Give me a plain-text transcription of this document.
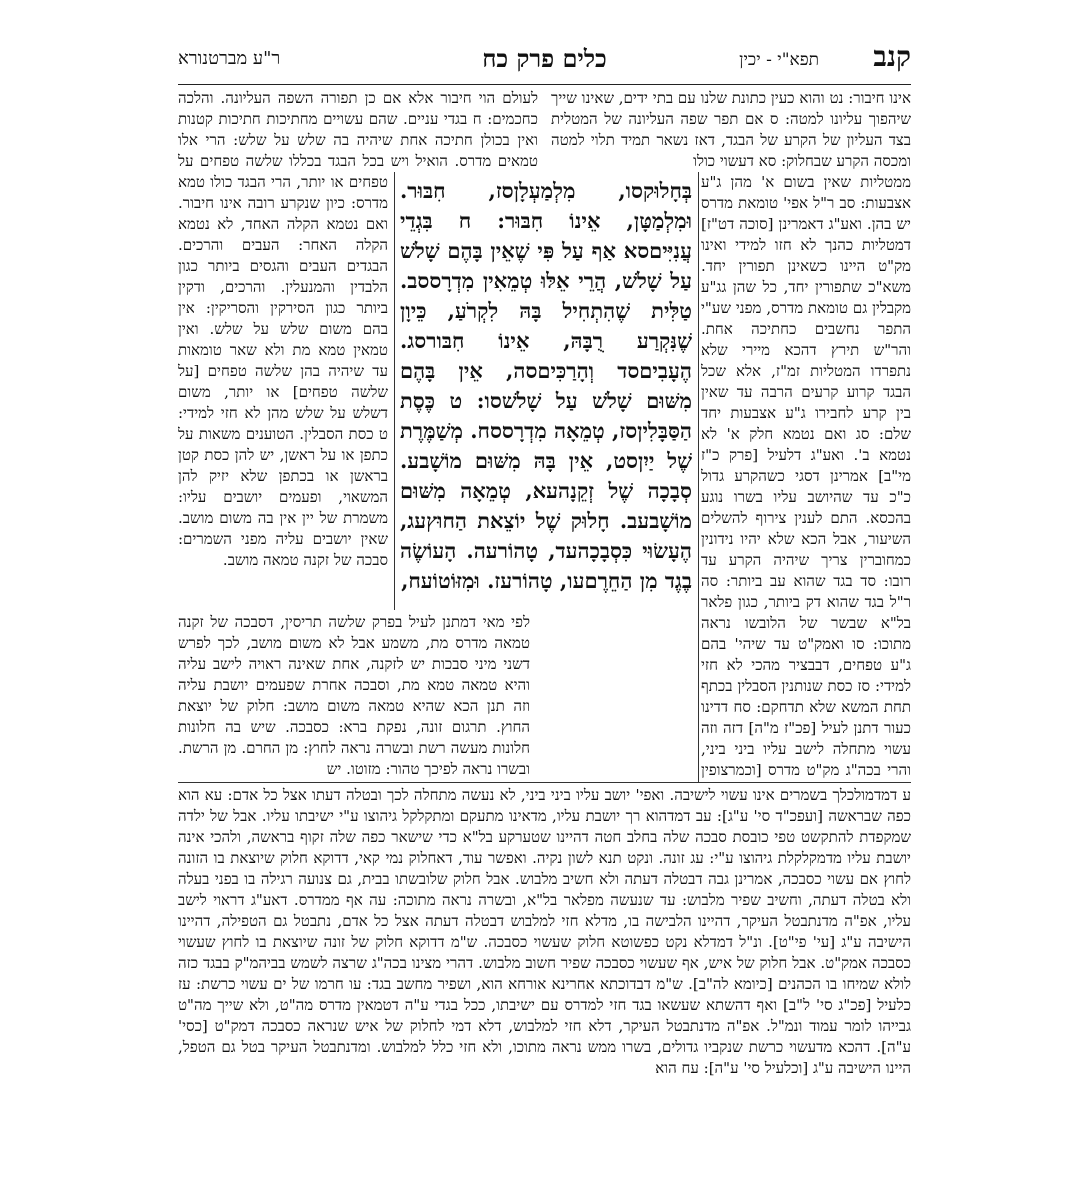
קנב
תפא"י - יכין
כלים פרק כח
ר"ע מברטנורא

אינו חיבור: נט והוא כעין כתונת שלנו עם בתי ידים, שאינו שייך שיהפוך עליונו למטה: ס אם תפר שפה העליונה של המטלית בצד העליון של הקרע של הבגד, דאז נשאר תמיד תלוי למטה ומכסה הקרע שבחלוק: סא דעשוי כולו

ממטליות שאין בשום א' מהן ג"ע אצבעות: סב ר"ל אפי' טומאת מדרס יש בהן. ואע"ג דאמרינן [סוכה דט"ז] דמטליות כהנך לא חזו למידי ואינו מק"ט היינו כשאינן תפורין יחד. משא"כ שתפורין יחד, כל שהן גג"ע מקבלין גם טומאת מדרס, מפני שע"י התפר נחשבים כחתיכה אחת. והר"ש תירץ דהכא מיירי שלא נתפרדו המטליות זמ"ז, אלא שכל הבגד קרוע קרעים הרבה עד שאין בין קרע לחבירו ג"ע אצבעות יחד שלם: סג ואם נטמא חלק א' לא נטמא ב'. ואע"ג דלעיל [פרק כ"ז מי"ב] אמרינן דסגי כשהקרע גדול כ"כ עד שהיושב עליו בשרו נוגע בהכסא. התם לענין צירוף להשלים השיעור, אבל הכא שלא יהיו נידונין כמחוברין צריך שיהיה הקרע עד רובו: סד בגד שהוא עב ביותר: סה ר"ל בגד שהוא דק ביותר, כגון פלאר בל"א שבשר של הלובשו נראה מתוכו: סו ואמק"ט עד שיהי' בהם ג"ע טפחים, דבבציר מהכי לא חזי למידי: סז כסת שנותנין הסבלין בכתף תחת המשא שלא תדחקם: סח דדינו כעור דתנן לעיל [פכ"ז מ"ה] דזה וזה עשוי מתחלה לישב עליו ביני ביני, והרי בכה"ג מק"ט מדרס [וכמרצופין

לעולם הוי חיבור אלא אם כן תפורה השפה העליונה. והלכה כחכמים: ח בגדי עניים. שהם עשויים מחתיכות חתיכות קטנות ואין בכולן חתיכה אחת שיהיה בה שלש על שלש: הרי אלו טמאים מדרס. הואיל ויש בכל הבגד בכללו שלשה טפחים על

טפחים או יותר, הרי הבגד כולו טמא מדרס: כיון שנקרע רובה אינו חיבור. ואם נטמא הקלה האחד, לא נטמא הקלה האחר: העבים והרכים. הבגדים העבים והגסים ביותר כגון הלבדין והמנעלין. והרכים, ודקין ביותר כגון הסירקין והסריקין: אין בהם משום שלש על שלש. ואין טמאין טמא מת ולא שאר טומאות עד שיהיה בהן שלשה טפחים [על שלשה טפחים] או יותר, משום דשלש על שלש מהן לא חזי למידי: ט כסת הסבלין. הטוענים משאות על כתפן או על ראשן, יש להן כסת קטן בראשן או בכתפן שלא יזיק להן המשאוי, ופעמים יושבים עליו: משמרת של יין אין בה משום מושב. שאין יושבים עליה מפני השמרים: סבכה של זקנה טמאה מושב.

לפי מאי דמתנן לעיל בפרק שלשה תריסין, דסבכה של זקנה טמאה מדרס מת, משמע אבל לא משום מושב, לכך לפרש דשני מיני סבכות יש לזקנה, אחת שאינה ראויה לישב עליה והיא טמאה טמא מת, וסבכה אחרת שפעמים יושבת עליה וזה תנן הכא שהיא טמאה משום מושב: חלוק של יוצאת החוץ. תרגום זונה, נפקת ברא: כסבכה. שיש בה חלונות חלונות מעשה רשת ובשרה נראה לחוץ: מן החרם. מן הרשת. ובשרו נראה לפיכך טהור: מזוטו. יש

בְּחָלוּקסו, מִלְמַעְלָןסז, חִבּוּר. וּמִלְמַטָּן, אֵינוֹ חִבּוּר: ח בִּגְדֵי עֲנִיִּיםסא אַף עַל פִּי שֶׁאֵין בָּהֶם שָׁלֹשׁ עַל שָׁלֹשׁ, הֲרֵי אֵלּוּ טְמֵאִין מִדְרָססב. טַלִּית שֶׁהִתְחִיל בָּהּ לִקְרֹעַ, כֵּיוָן שֶׁנִּקְרַע רֻבָּהּ, אֵינוֹ חִבּורסג. הֶעָבִיםסד וְהָרַכִּיםסה, אֵין בָּהֶם מִשּׁוּם שָׁלֹשׁ עַל שָׁלֹשׁסו: ט כֶּסֶת הַסַּבָּלִיןסז, טְמֵאָה מִדְרָססח. מְשַׁמֶּרֶת שֶׁל יַיִןסט, אֵין בָּהּ מִשּׁוּם מוֹשָׁבע. סְבָכָה שֶׁל זְקֵנָהעא, טְמֵאָה מִשּׁוּם מוֹשָׁבעב. חָלוּק שֶׁל יוֹצֵאת הַחוּץעג, הֶעָשׂוּי כִּסְבָכָהעד, טָהוֹרעה. הָעוֹשֶׂה בֶגֶד מִן הַחֵרֶםעו, טָהוֹרעז. וּמִזּוֹטוֹעח,

ע דמדמולכלך בשמרים אינו עשוי לישיבה. ואפי' יושב עליו ביני ביני, לא נעשה מתחלה לכך ובטלה דעתו אצל כל אדם: עא הוא כפה שבראשה [ועפכ"ד סי' ע"ג]: עב דמדהוא רך יושבת עליו, מדאינו מתעקם ומתקלקל גיהוצו ע"י ישיבתו עליו. אבל של ילדה שמקפדת להתקשט טפי כובסת סבכה שלה בחלב חטה דהיינו שטערקע בל"א כדי שישאר כפה שלה זקוף בראשה, ולהכי אינה יושבת עליו מדמקלקלת גיהוצו ע"י: עג זונה. ונקט תנא לשון נקיה. ואפשר עוד, דאחלוק נמי קאי, דדוקא חלוק שיוצאת בו הזונה לחוץ אם עשוי כסבכה, אמרינן גבה דבטלה דעתה ולא חשיב מלבוש. אבל חלוק שלובשתו בבית, גם צנועה רגילה בו בפני בעלה ולא בטלה דעתה, וחשיב שפיר מלבוש: עד שנעשה מפלאר בל"א, ובשרה נראה מתוכה: עה אף ממדרס. דאע"ג דראוי לישב עליו, אפ"ה מדנתבטל העיקר, דהיינו הלבישה בו, מדלא חזי למלבוש דבטלה דעתה אצל כל אדם, נתבטל גם הטפילה, דהיינו הישיבה ע"ג [עי' פי"ט]. ונ"ל דמדלא נקט כפשוטא חלוק שעשוי כסבכה. ש"מ דדוקא חלוק של זונה שיוצאת בו לחוץ שעשוי כסבכה אמק"ט. אבל חלוק של איש, אף שעשוי כסבכה שפיר חשוב מלבוש. דהרי מצינו בכה"ג שרצה לשמש בביהמ"ק בבגד כזה לולא שמיחו בו הכהנים [כיומא לה"ב]. ש"מ דבדוכתא אחרינא אורחא הוא, ושפיר מחשב בגד: עו חרמו של ים עשוי כרשת: עז כלעיל [פכ"ג סי' ל"ב] ואף דהשתא שעשאו בגד חזי למדרס עם ישיבתו, ככל בגדי ע"ה דטמאין מדרס מה"ט, ולא שייך מה"ט גבייהו לומר עמוד ונמ"ל. אפ"ה מדנתבטל העיקר, דלא חזי למלבוש, דלא דמי לחלוק של איש שנראה כסבכה דמק"ט [כסי' ע"ה]. דהכא מדעשוי כרשת שנקביו גדולים, בשרו ממש נראה מתוכו, ולא חזי כלל למלבוש. ומדנתבטל העיקר בטל גם הטפל, היינו הישיבה ע"ג [וכלעיל סי' ע"ה]: עח הוא
